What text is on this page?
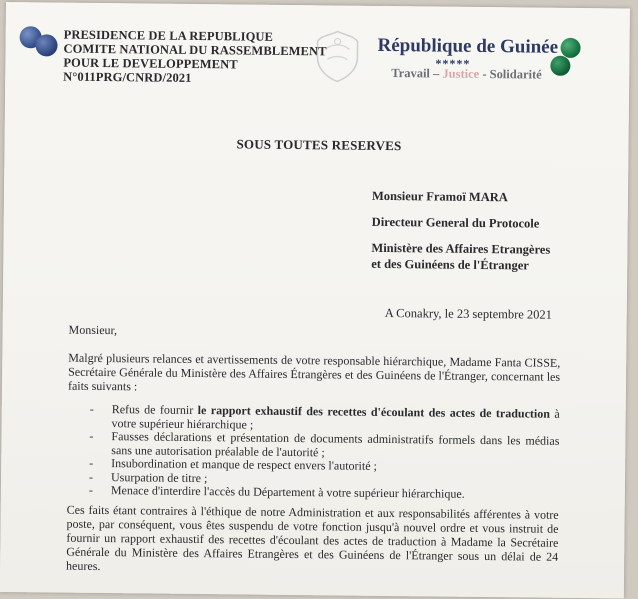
PRESIDENCE DE LA REPUBLIQUE
COMITE NATIONAL DU RASSEMBLEMENT
POUR LE DEVELOPPEMENT
N°011PRG/CNRD/2021
République de Guinée
*****
Travail – Justice - Solidarité
SOUS TOUTES RESERVES
Monsieur Framoï MARA
Directeur General du Protocole
Ministère des Affaires Etrangères
et des Guinéens de l'Étranger
A Conakry, le 23 septembre 2021
Monsieur,
Malgré plusieurs relances et avertissements de votre responsable hiérarchique, Madame Fanta CISSE, Secrétaire Générale du Ministère des Affaires Étrangères et des Guinéens de l'Étranger, concernant les faits suivants :
- Refus de fournir le rapport exhaustif des recettes d'écoulant des actes de traduction à votre supérieur hiérarchique ;
- Fausses déclarations et présentation de documents administratifs formels dans les médias sans une autorisation préalable de l'autorité ;
- Insubordination et manque de respect envers l'autorité ;
- Usurpation de titre ;
- Menace d'interdire l'accès du Département à votre supérieur hiérarchique.
Ces faits étant contraires à l'éthique de notre Administration et aux responsabilités afférentes à votre poste, par conséquent, vous êtes suspendu de votre fonction jusqu'à nouvel ordre et vous instruit de fournir un rapport exhaustif des recettes d'écoulant des actes de traduction à Madame la Secrétaire Générale du Ministère des Affaires Etrangères et des Guinéens de l'Étranger sous un délai de 24 heures.
